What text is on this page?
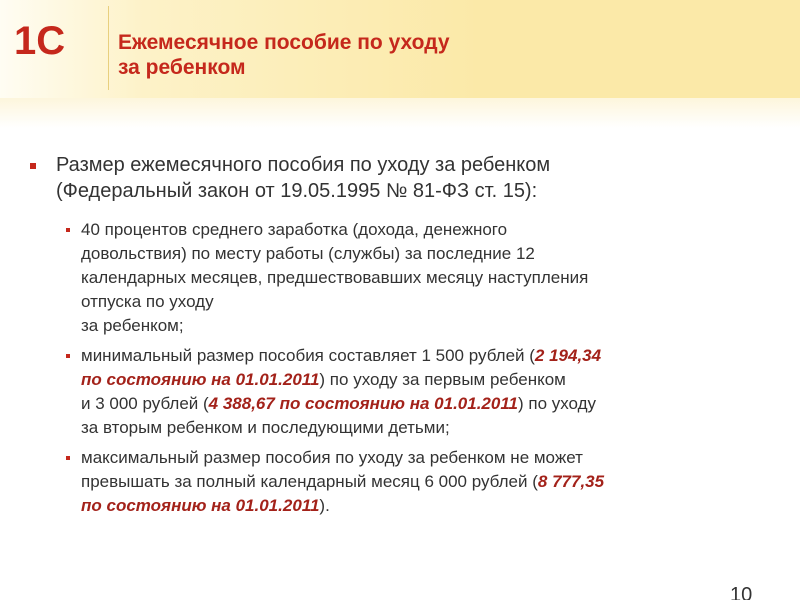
1С	Ежемесячное пособие по уходу
за ребенком
Размер ежемесячного пособия по уходу за ребенком
(Федеральный закон от 19.05.1995 № 81-ФЗ ст. 15):
40 процентов среднего заработка (дохода, денежного
довольствия) по месту работы (службы) за последние 12
календарных месяцев, предшествовавших месяцу наступления
отпуска по уходу
за ребенком;
минимальный размер пособия составляет 1 500 рублей (2 194,34
по состоянию на 01.01.2011) по уходу за первым ребенком
и 3 000 рублей (4 388,67 по состоянию на 01.01.2011) по уходу
за вторым ребенком и последующими детьми;
максимальный размер пособия по уходу за ребенком не может
превышать за полный календарный месяц 6 000 рублей (8 777,35
по состоянию на 01.01.2011).
10
